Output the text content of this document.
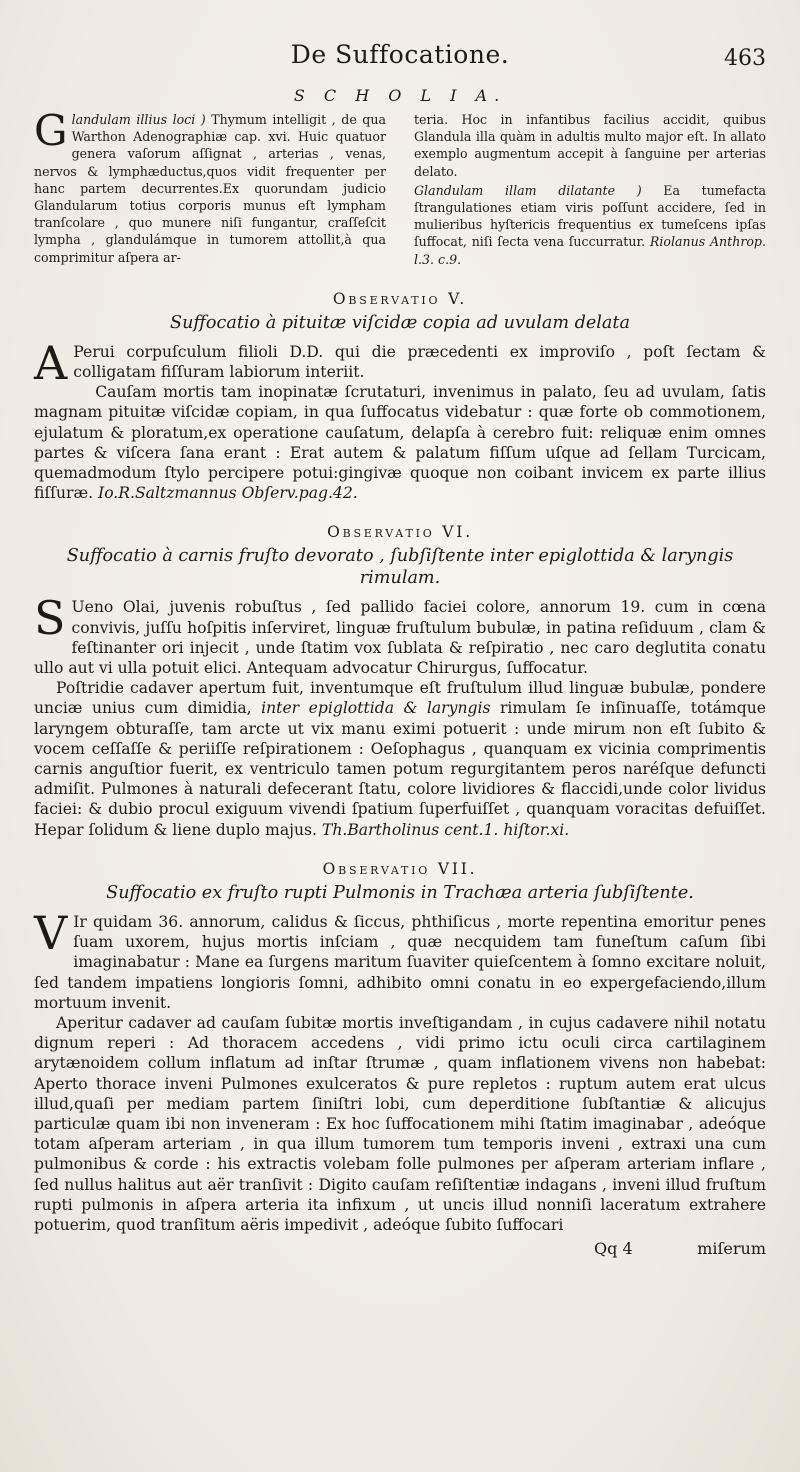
De Suffocatione.	463
S C H O L I A.

Glandulam illius loci ) Thymum intelligit , de qua Warthon Adenographiæ cap. xvi. Huic quatuor genera vaſorum aſſignat , arterias , venas, nervos & lymphæductus,quos vidit frequenter per hanc partem decurrentes.Ex quorundam judicio Glandularum totius corporis munus eſt lympham tranſcolare , quo munere niſi fungantur, craſſeſcit lympha , glandulámque in tumorem attollit,à qua comprimitur aſpera ar-

teria. Hoc in infantibus facilius accidit, quibus Glandula illa quàm in adultis multo major eſt. In allato exemplo augmentum accepit à ſanguine per arterias delato.

Glandulam illam dilatante ) Ea tumefacta ſtrangulationes etiam viris poſſunt accidere, ſed in mulieribus hyſtericis frequentius ex tumeſcens ipſas ſuffocat, niſi ſecta vena ſuccurratur. Riolanus Anthrop. l.3. c.9.

Observatio V.
Suffocatio à pituitæ viſcidæ copia ad uvulam delata

A Perui corpuſculum filioli D.D. qui die præcedenti ex improviſo , poſt ſectam & colligatam fiſſuram labiorum interiit.

Cauſam mortis tam inopinatæ ſcrutaturi, invenimus in palato, ſeu ad uvulam, ſatis magnam pituitæ viſcidæ copiam, in qua ſuffocatus videbatur : quæ forte ob commotionem, ejulatum & ploratum,ex operatione cauſatum, delapſa à cerebro fuit: reliquæ enim omnes partes & viſcera ſana erant : Erat autem & palatum fiſſum uſque ad ſellam Turcicam, quemadmodum ſtylo percipere potui:gingivæ quoque non coibant invicem ex parte illius fiſſuræ. Io.R.Saltzmannus Obſerv.pag.42.

Observatio VI.
Suffocatio à carnis fruſto devorato , ſubſiſtente inter epiglottida & laryngis rimulam.

S Ueno Olai, juvenis robuſtus , ſed pallido faciei colore, annorum 19. cum in cœna convivis, juſſu hoſpitis inſerviret, linguæ fruſtulum bubulæ, in patina reſiduum , clam & feſtinanter ori injecit , unde ſtatim vox ſublata & reſpiratio , nec caro deglutita conatu ullo aut vi ulla potuit elici. Antequam advocatur Chirurgus, ſuffocatur.

Poſtridie cadaver apertum fuit, inventumque eſt fruſtulum illud linguæ bubulæ, pondere unciæ unius cum dimidia, inter epiglottida & laryngis rimulam ſe inſinuaſſe, totámque laryngem obturaſſe, tam arcte ut vix manu eximi potuerit : unde mirum non eſt ſubito & vocem ceſſaſſe & periiſſe reſpirationem : Oeſophagus , quanquam ex vicinia comprimentis carnis anguſtior fuerit, ex ventriculo tamen potum regurgitantem peros naréſque defuncti admiſit. Pulmones à naturali defecerant ſtatu, colore lividiores & flaccidi,unde color lividus faciei: & dubio procul exiguum vivendi ſpatium ſuperfuiſſet , quanquam voracitas defuiſſet. Hepar ſolidum & liene duplo majus. Th.Bartholinus cent.1. hiſtor.xi.

Observatio VII.
Suffocatio ex fruſto rupti Pulmonis in Trachæa arteria ſubſiſtente.

V Ir quidam 36. annorum, calidus & ſiccus, phthiſicus , morte repentina emoritur penes ſuam uxorem, hujus mortis inſciam , quæ necquidem tam funeſtum caſum ſibi imaginabatur : Mane ea ſurgens maritum ſuaviter quieſcentem à ſomno excitare noluit, ſed tandem impatiens longioris ſomni, adhibito omni conatu in eo expergefaciendo,illum mortuum invenit.

Aperitur cadaver ad cauſam ſubitæ mortis inveſtigandam , in cujus cadavere nihil notatu dignum reperi : Ad thoracem accedens , vidi primo ictu oculi circa cartilaginem arytænoidem collum inflatum ad inſtar ſtrumæ , quam inflationem vivens non habebat: Aperto thorace inveni Pulmones exulceratos & pure repletos : ruptum autem erat ulcus illud,quaſi per mediam partem ſiniſtri lobi, cum deperditione ſubſtantiæ & alicujus particulæ quam ibi non inveneram : Ex hoc ſuffocationem mihi ſtatim imaginabar , adeóque totam aſperam arteriam , in qua illum tumorem tum temporis inveni , extraxi una cum pulmonibus & corde : his extractis volebam folle pulmones per aſperam arteriam inflare , ſed nullus halitus aut aër tranſivit : Digito cauſam reſiſtentiæ indagans , inveni illud fruſtum rupti pulmonis in aſpera arteria ita infixum , ut uncis illud nonniſi laceratum extrahere potuerim, quod tranſitum aëris impedivit , adeóque ſubito ſuffocari

Qq 4	miſerum
